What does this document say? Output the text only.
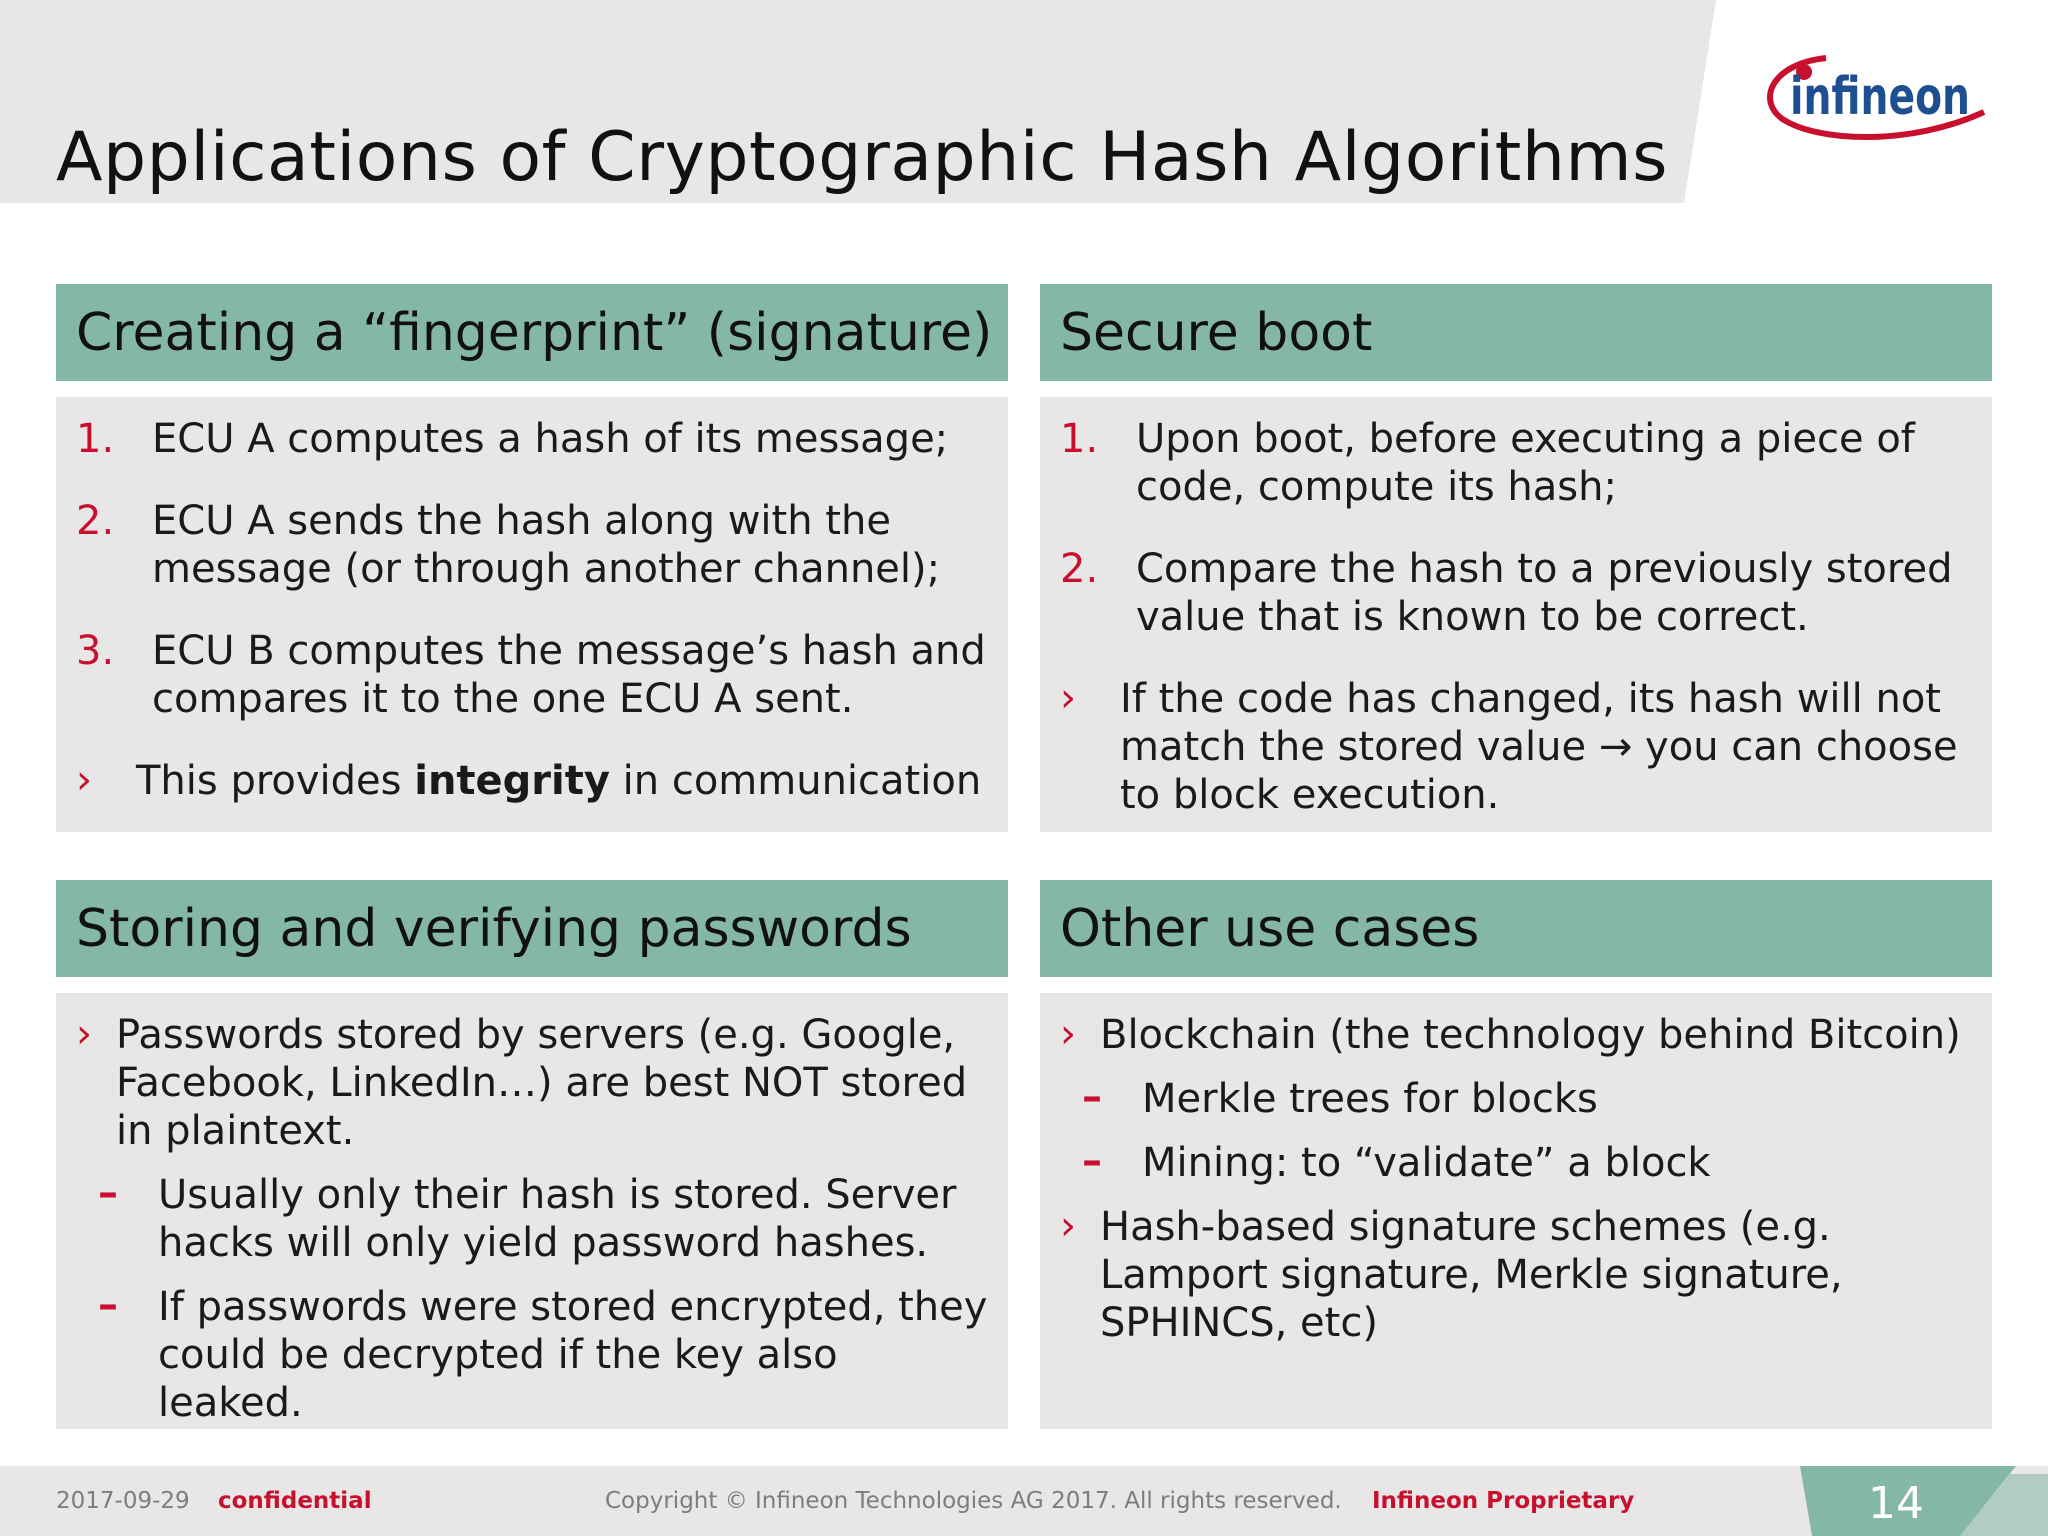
Applications of Cryptographic Hash Algorithms
infineon
Creating a “fingerprint” (signature)
1. ECU A computes a hash of its message;
2. ECU A sends the hash along with the message (or through another channel);
3. ECU B computes the message’s hash and compares it to the one ECU A sent.
› This provides integrity in communication
Secure boot
1. Upon boot, before executing a piece of code, compute its hash;
2. Compare the hash to a previously stored value that is known to be correct.
› If the code has changed, its hash will not match the stored value → you can choose to block execution.
Storing and verifying passwords
› Passwords stored by servers (e.g. Google, Facebook, LinkedIn…) are best NOT stored in plaintext.
– Usually only their hash is stored. Server hacks will only yield password hashes.
– If passwords were stored encrypted, they could be decrypted if the key also leaked.
Other use cases
› Blockchain (the technology behind Bitcoin)
– Merkle trees for blocks
– Mining: to “validate” a block
› Hash-based signature schemes (e.g. Lamport signature, Merkle signature, SPHINCS, etc)
2017-09-29 confidential	Copyright © Infineon Technologies AG 2017. All rights reserved. Infineon Proprietary	14
